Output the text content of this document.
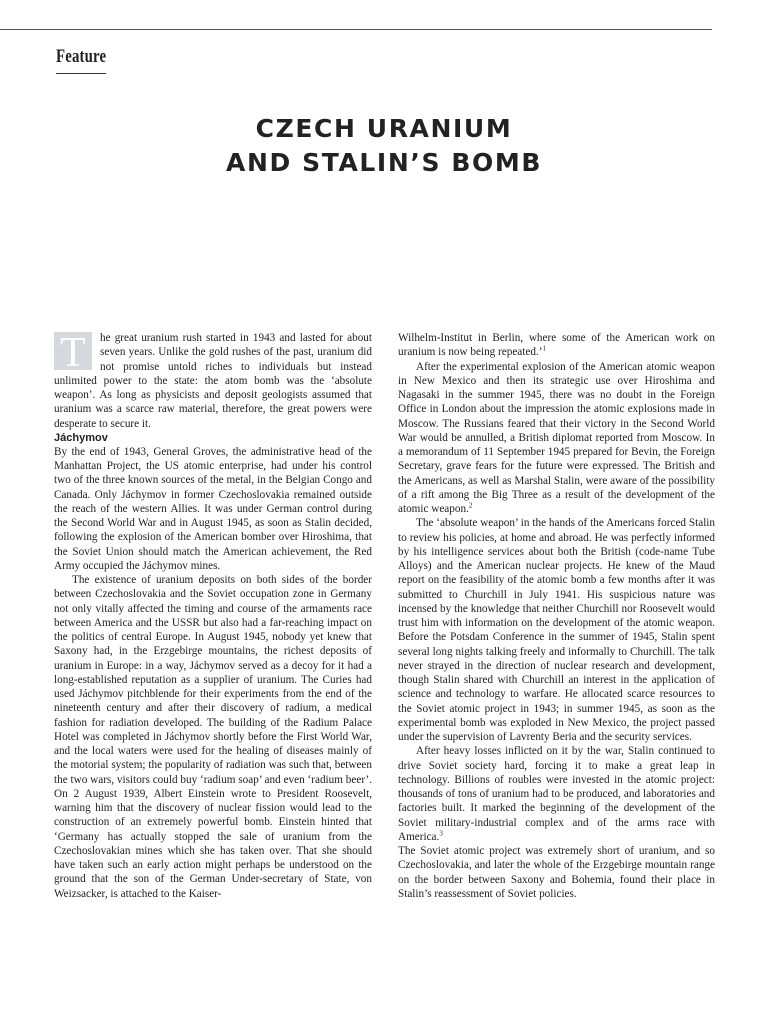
Feature
CZECH URANIUM
AND STALIN’S BOMB

T	he great uranium rush started in 1943 and lasted for about seven years. Unlike the gold rushes of the past, uranium did not promise untold riches to individuals but instead unlimited power to the state: the atom bomb was the ‘absolute weapon’. As long as physicists and deposit geologists assumed that uranium was a scarce raw material, therefore, the great powers were desperate to secure it.

Jáchymov

By the end of 1943, General Groves, the administrative head of the Manhattan Project, the US atomic enterprise, had under his control two of the three known sources of the metal, in the Belgian Congo and Canada. Only Jáchymov in former Czechoslovakia remained outside the reach of the western Allies. It was under German control during the Second World War and in August 1945, as soon as Stalin decided, following the explosion of the American bomber over Hiroshima, that the Soviet Union should match the American achievement, the Red Army occupied the Jáchymov mines.

The existence of uranium deposits on both sides of the border between Czechoslovakia and the Soviet occupation zone in Germany not only vitally affected the timing and course of the armaments race between America and the USSR but also had a far-reaching impact on the politics of central Europe. In August 1945, nobody yet knew that Saxony had, in the Erzgebirge mountains, the richest deposits of uranium in Europe: in a way, Jáchymov served as a decoy for it had a long-established reputation as a supplier of uranium. The Curies had used Jáchymov pitchblende for their experiments from the end of the nineteenth century and after their discovery of radium, a medical fashion for radiation developed. The building of the Radium Palace Hotel was completed in Jáchymov shortly before the First World War, and the local waters were used for the healing of diseases mainly of the motorial system; the popularity of radiation was such that, between the two wars, visitors could buy ‘radium soap’ and even ‘radium beer’. On 2 August 1939, Albert Einstein wrote to President Roosevelt, warning him that the discovery of nuclear fission would lead to the construction of an extremely powerful bomb. Einstein hinted that ‘Germany has actually stopped the sale of uranium from the Czechoslovakian mines which she has taken over. That she should have taken such an early action might perhaps be understood on the ground that the son of the German Under-secretary of State, von Weizsacker, is attached to the Kaiser-

Wilhelm-Institut in Berlin, where some of the American work on uranium is now being repeated.’$^1$

After the experimental explosion of the American atomic weapon in New Mexico and then its strategic use over Hiroshima and Nagasaki in the summer 1945, there was no doubt in the Foreign Office in London about the impression the atomic explosions made in Moscow. The Russians feared that their victory in the Second World War would be annulled, a British diplomat reported from Moscow. In a memorandum of 11 September 1945 prepared for Bevin, the Foreign Secretary, grave fears for the future were expressed. The British and the Americans, as well as Marshal Stalin, were aware of the possibility of a rift among the Big Three as a result of the development of the atomic weapon.$^2$

The ‘absolute weapon’ in the hands of the Americans forced Stalin to review his policies, at home and abroad. He was perfectly informed by his intelligence services about both the British (code-name Tube Alloys) and the American nuclear projects. He knew of the Maud report on the feasibility of the atomic bomb a few months after it was submitted to Churchill in July 1941. His suspicious nature was incensed by the knowledge that neither Churchill nor Roosevelt would trust him with information on the development of the atomic weapon. Before the Potsdam Conference in the summer of 1945, Stalin spent several long nights talking freely and informally to Churchill. The talk never strayed in the direction of nuclear research and development, though Stalin shared with Churchill an interest in the application of science and technology to warfare. He allocated scarce resources to the Soviet atomic project in 1943; in summer 1945, as soon as the experimental bomb was exploded in New Mexico, the project passed under the supervision of Lavrenty Beria and the security services.

After heavy losses inflicted on it by the war, Stalin continued to drive Soviet society hard, forcing it to make a great leap in technology. Billions of roubles were invested in the atomic project: thousands of tons of uranium had to be produced, and laboratories and factories built. It marked the beginning of the development of the Soviet military-industrial complex and of the arms race with America.$^3$

The Soviet atomic project was extremely short of uranium, and so Czechoslovakia, and later the whole of the Erzgebirge mountain range on the border between Saxony and Bohemia, found their place in Stalin’s reassessment of Soviet policies.
